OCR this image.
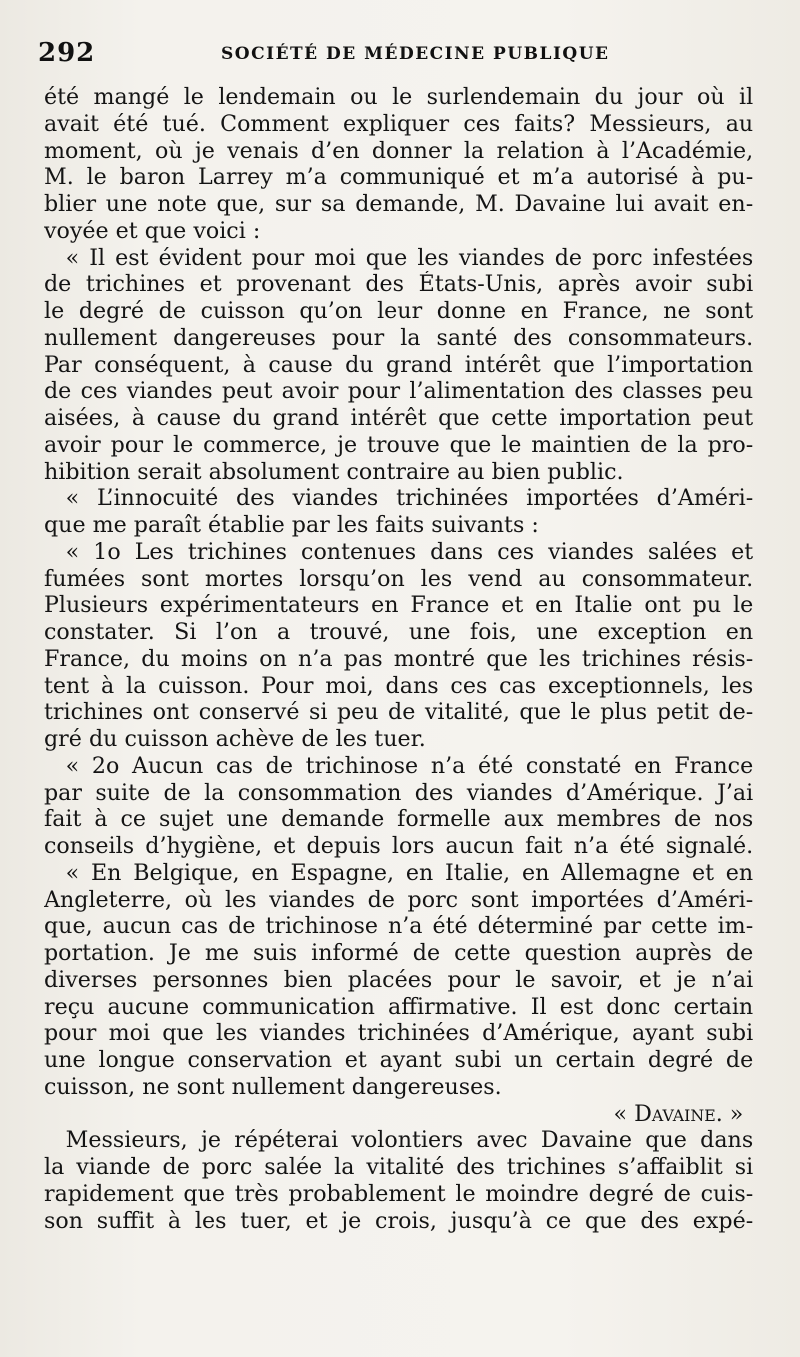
292	SOCIÉTÉ DE MÉDECINE PUBLIQUE
été mangé le lendemain ou le surlendemain du jour où il
avait été tué. Comment expliquer ces faits? Messieurs, au
moment, où je venais d’en donner la relation à l’Académie,
M. le baron Larrey m’a communiqué et m’a autorisé à pu-
blier une note que, sur sa demande, M. Davaine lui avait en-
voyée et que voici :
« Il est évident pour moi que les viandes de porc infestées
de trichines et provenant des États-Unis, après avoir subi
le degré de cuisson qu’on leur donne en France, ne sont
nullement dangereuses pour la santé des consommateurs.
Par conséquent, à cause du grand intérêt que l’importation
de ces viandes peut avoir pour l’alimentation des classes peu
aisées, à cause du grand intérêt que cette importation peut
avoir pour le commerce, je trouve que le maintien de la pro-
hibition serait absolument contraire au bien public.
« L’innocuité des viandes trichinées importées d’Améri-
que me paraît établie par les faits suivants :
« 1o Les trichines contenues dans ces viandes salées et
fumées sont mortes lorsqu’on les vend au consommateur.
Plusieurs expérimentateurs en France et en Italie ont pu le
constater. Si l’on a trouvé, une fois, une exception en
France, du moins on n’a pas montré que les trichines résis-
tent à la cuisson. Pour moi, dans ces cas exceptionnels, les
trichines ont conservé si peu de vitalité, que le plus petit de-
gré du cuisson achève de les tuer.
« 2o Aucun cas de trichinose n’a été constaté en France
par suite de la consommation des viandes d’Amérique. J’ai
fait à ce sujet une demande formelle aux membres de nos
conseils d’hygiène, et depuis lors aucun fait n’a été signalé.
« En Belgique, en Espagne, en Italie, en Allemagne et en
Angleterre, où les viandes de porc sont importées d’Améri-
que, aucun cas de trichinose n’a été déterminé par cette im-
portation. Je me suis informé de cette question auprès de
diverses personnes bien placées pour le savoir, et je n’ai
reçu aucune communication affirmative. Il est donc certain
pour moi que les viandes trichinées d’Amérique, ayant subi
une longue conservation et ayant subi un certain degré de
cuisson, ne sont nullement dangereuses.
« Davaine. »
Messieurs, je répéterai volontiers avec Davaine que dans
la viande de porc salée la vitalité des trichines s’affaiblit si
rapidement que très probablement le moindre degré de cuis-
son suffit à les tuer, et je crois, jusqu’à ce que des expé-
